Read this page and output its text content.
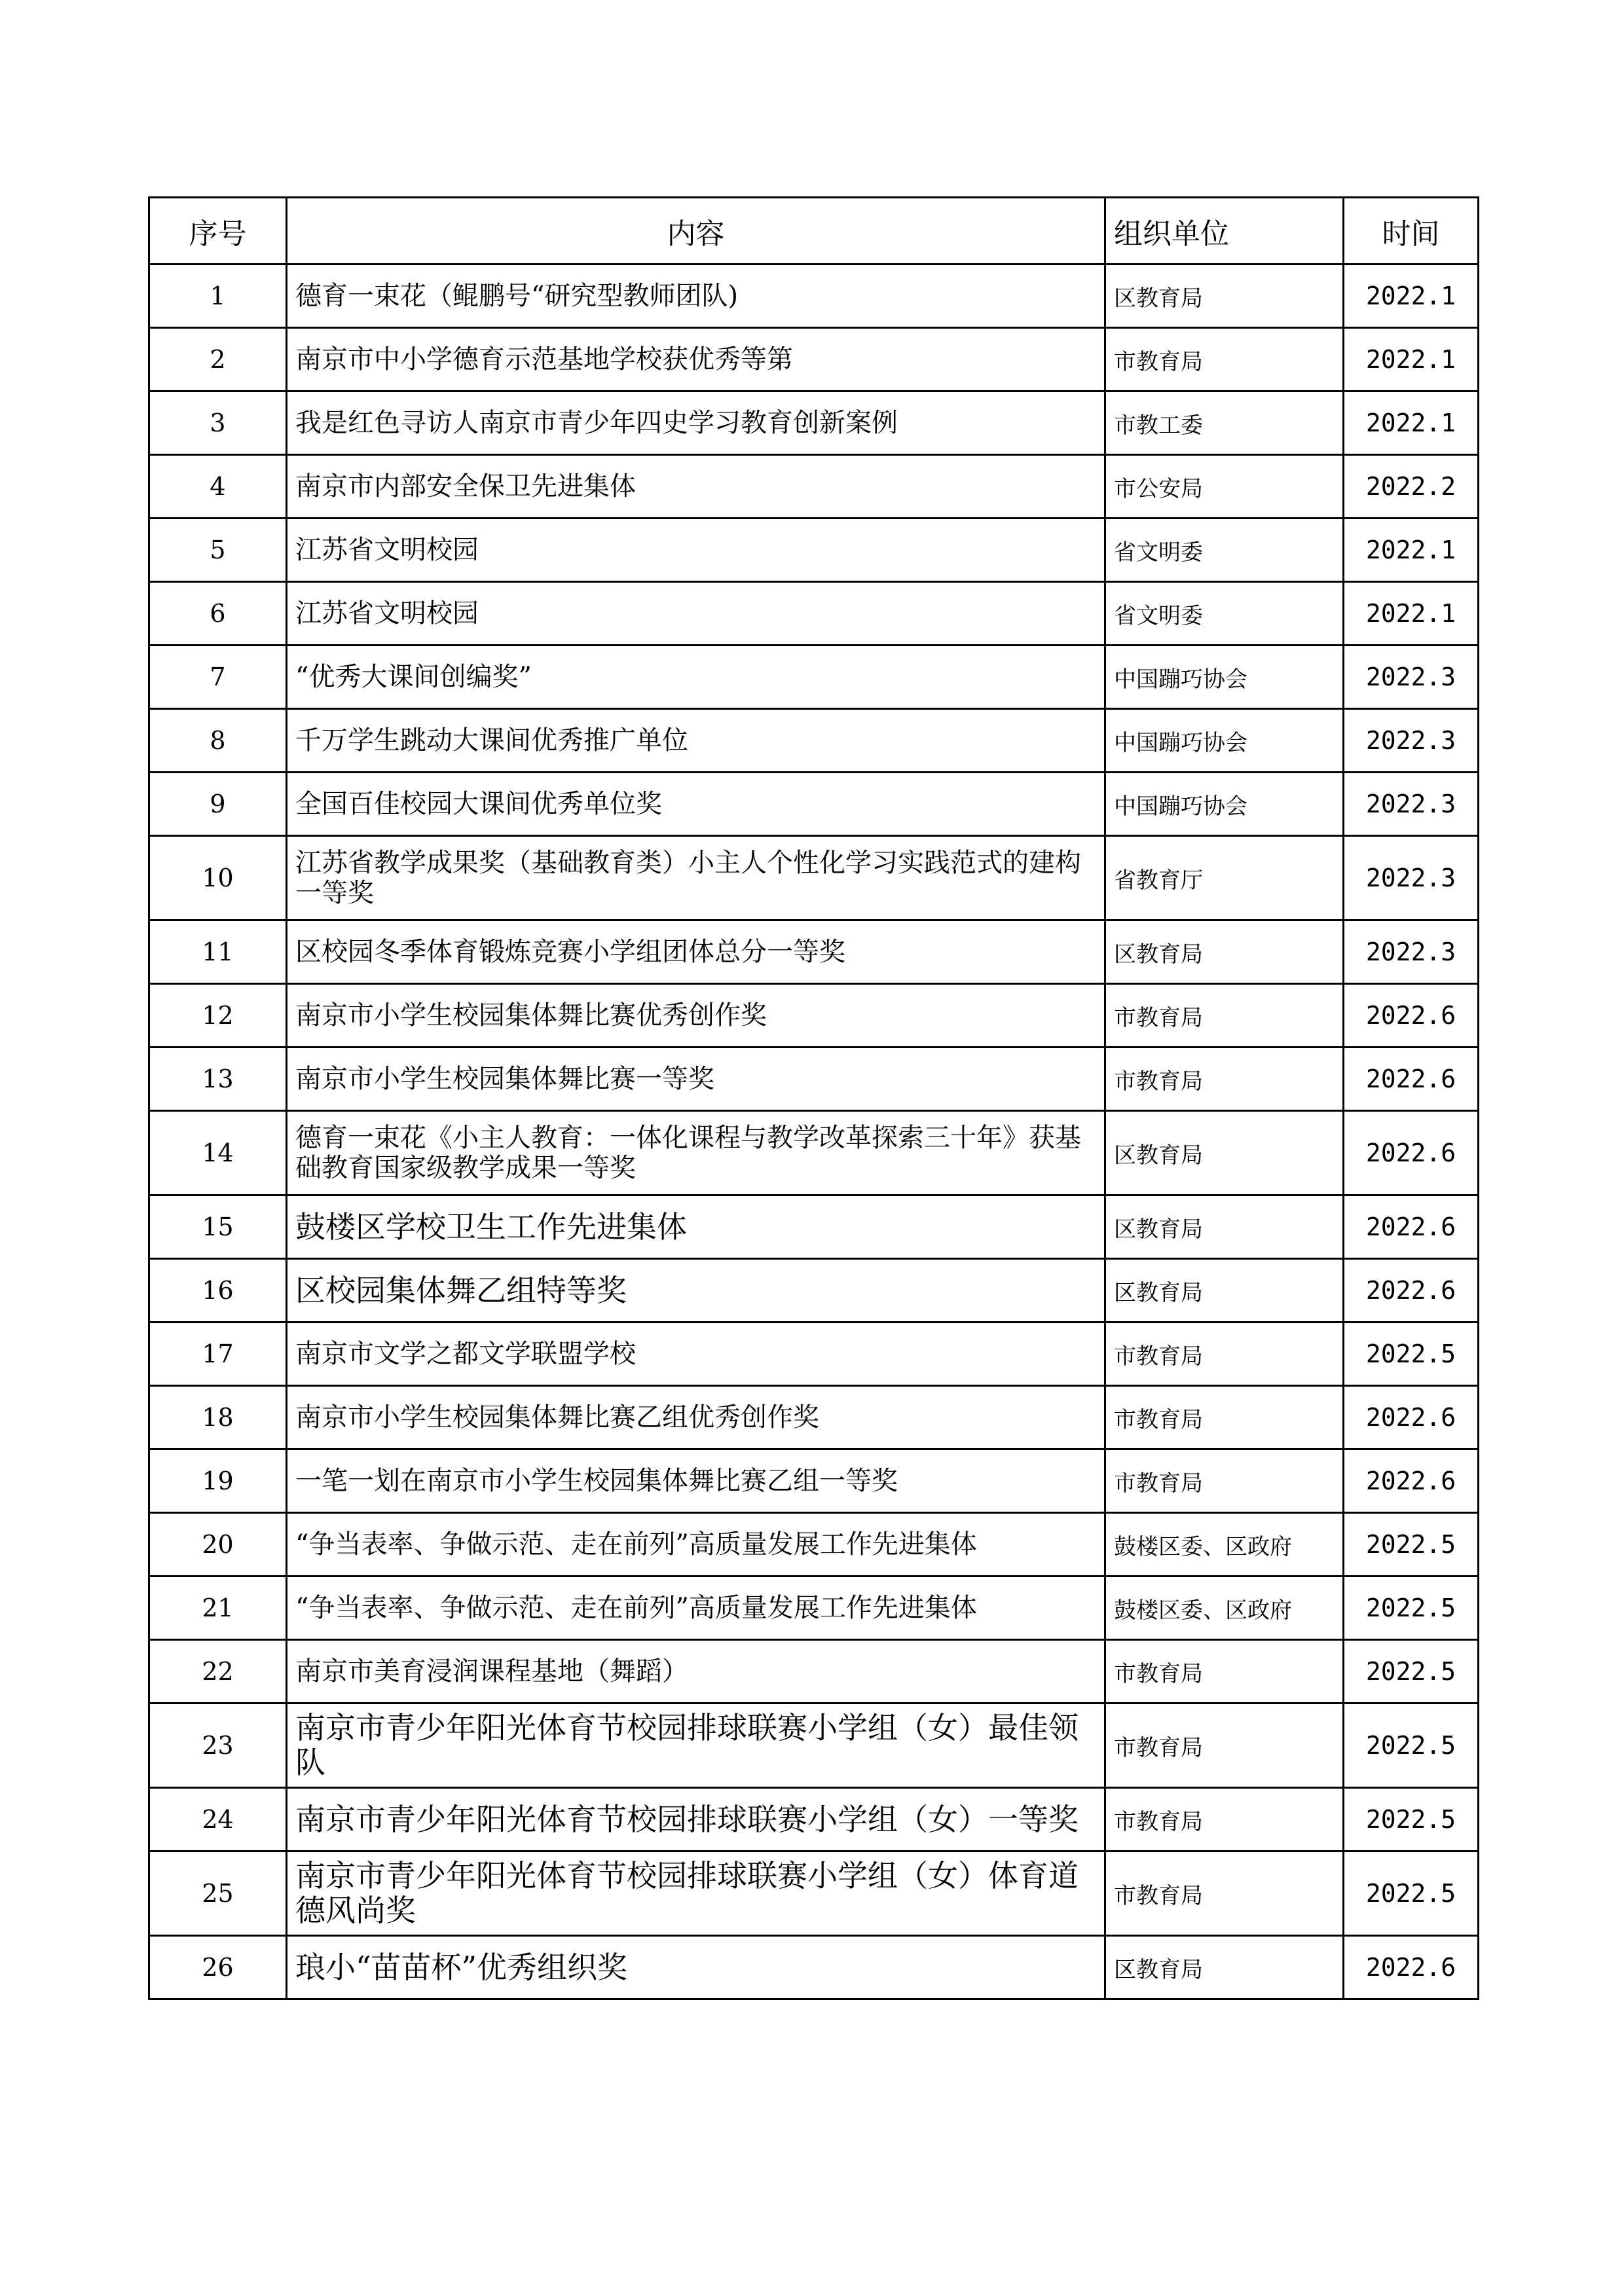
序号	内容	组织单位	时间
1	德育一束花（鲲鹏号“研究型教师团队)	区教育局	2022.1
2	南京市中小学德育示范基地学校获优秀等第	市教育局	2022.1
3	我是红色寻访人南京市青少年四史学习教育创新案例	市教工委	2022.1
4	南京市内部安全保卫先进集体	市公安局	2022.2
5	江苏省文明校园	省文明委	2022.1
6	江苏省文明校园	省文明委	2022.1
7	“优秀大课间创编奖”	中国蹦巧协会	2022.3
8	千万学生跳动大课间优秀推广单位	中国蹦巧协会	2022.3
9	全国百佳校园大课间优秀单位奖	中国蹦巧协会	2022.3
10	江苏省教学成果奖（基础教育类）小主人个性化学习实践范式的建构一等奖	省教育厅	2022.3
11	区校园冬季体育锻炼竞赛小学组团体总分一等奖	区教育局	2022.3
12	南京市小学生校园集体舞比赛优秀创作奖	市教育局	2022.6
13	南京市小学生校园集体舞比赛一等奖	市教育局	2022.6
14	德育一束花《小主人教育：一体化课程与教学改革探索三十年》获基础教育国家级教学成果一等奖	区教育局	2022.6
15	鼓楼区学校卫生工作先进集体	区教育局	2022.6
16	区校园集体舞乙组特等奖	区教育局	2022.6
17	南京市文学之都文学联盟学校	市教育局	2022.5
18	南京市小学生校园集体舞比赛乙组优秀创作奖	市教育局	2022.6
19	一笔一划在南京市小学生校园集体舞比赛乙组一等奖	市教育局	2022.6
20	“争当表率、争做示范、走在前列”高质量发展工作先进集体	鼓楼区委、区政府	2022.5
21	“争当表率、争做示范、走在前列”高质量发展工作先进集体	鼓楼区委、区政府	2022.5
22	南京市美育浸润课程基地（舞蹈）	市教育局	2022.5
23	南京市青少年阳光体育节校园排球联赛小学组（女）最佳领队	市教育局	2022.5
24	南京市青少年阳光体育节校园排球联赛小学组（女）一等奖	市教育局	2022.5
25	南京市青少年阳光体育节校园排球联赛小学组（女）体育道德风尚奖	市教育局	2022.5
26	琅小“苗苗杯”优秀组织奖	区教育局	2022.6
